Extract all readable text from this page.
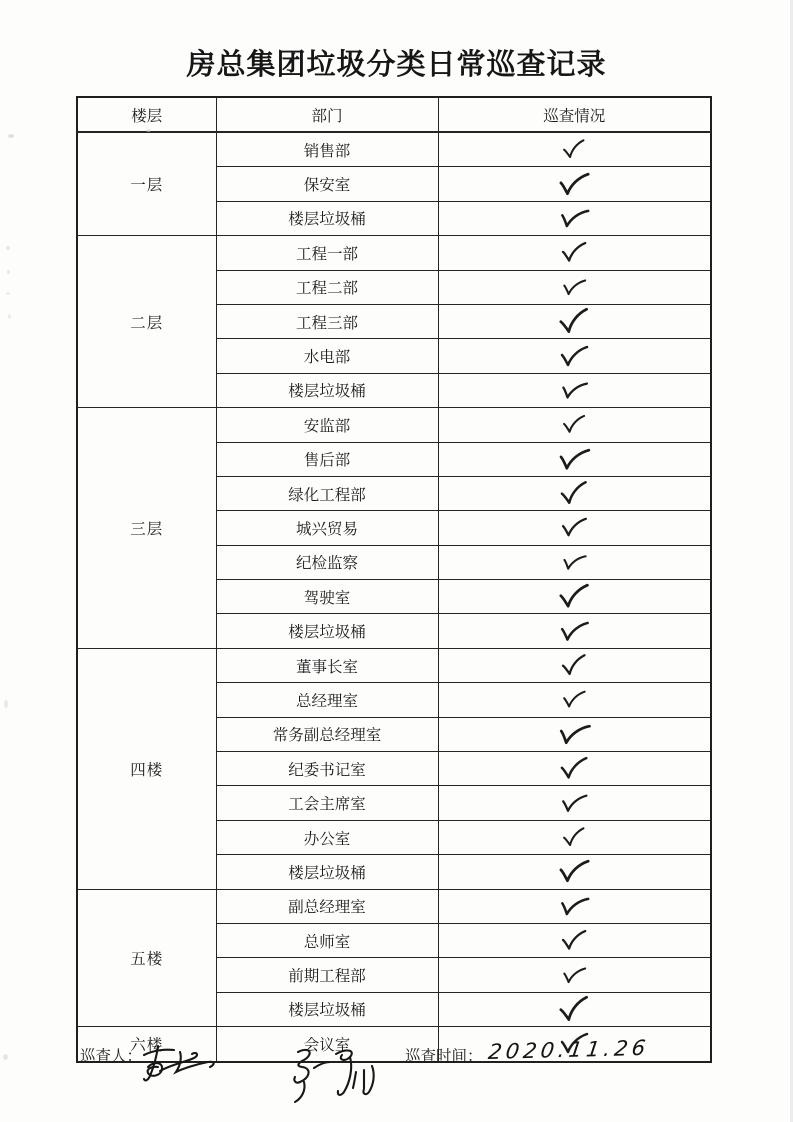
房总集团垃圾分类日常巡查记录
楼层	部门	巡查情况
一层	销售部	
	保安室	
	楼层垃圾桶	
二层	工程一部	
	工程二部	
	工程三部	
	水电部	
	楼层垃圾桶	
三层	安监部	
	售后部	
	绿化工程部	
	城兴贸易	
	纪检监察	
	驾驶室	
	楼层垃圾桶	
四楼	董事长室	
	总经理室	
	常务副总经理室	
	纪委书记室	
	工会主席室	
	办公室	
	楼层垃圾桶	
五楼	副总经理室	
	总师室	
	前期工程部	
	楼层垃圾桶	
六楼	会议室	
巡查人：	巡查时间： 2020.11.26
